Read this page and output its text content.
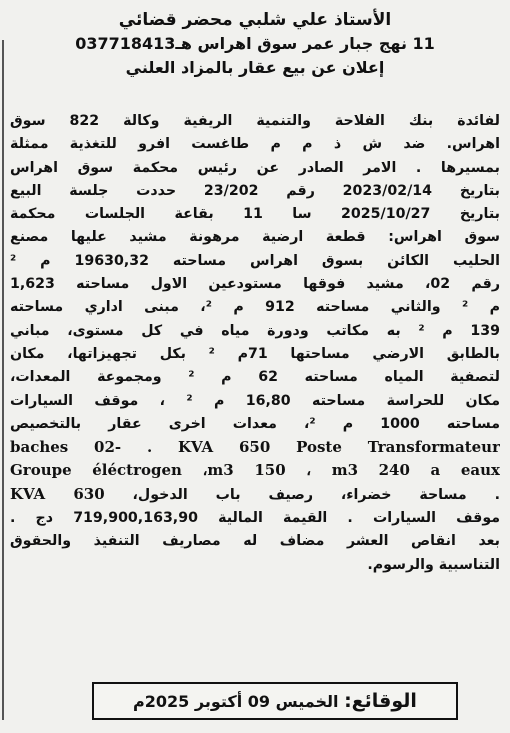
الأستاذ علي شلبي محضر قضائي
11 نهج جبار عمر سوق اهراس هـ037718413
إعلان عن بيع عقار بالمزاد العلني
لفائدة بنك الفلاحة والتنمية الريفية وكالة 822 سوق
اهراس. ضد ش ذ م م طاغست افرو للتغذية ممثلة
بمسيرها . الامر الصادر عن رئيس محكمة سوق اهراس
بتاريخ 2023/02/14 رقم 23/202 حددت جلسة البيع
بتاريخ 2025/10/27 سا 11 بقاعة الجلسات محكمة
سوق اهراس: قطعة ارضية مرهونة مشيد عليها مصنع
الحليب الكائن بسوق اهراس مساحته 19630,32 م ²
رقم 02، مشيد فوقها مستودعين الاول مساحته 1,623
م ² والثاني مساحته 912 م ²، مبنى اداري مساحته
139 م ² به مكاتب ودورة مياه في كل مستوى، مباني
بالطابق الارضي مساحتها 71م ² بكل تجهيزاتها، مكان
لتصفية المياه مساحته 62 م ² ومجموعة المعدات،
مكان للحراسة مساحته 16,80 م ² ، موقف السيارات
مساحته 1000 م ²، معدات اخرى عقار بالتخصيص
baches 02- . KVA 650 Poste Transformateur
Groupe éléctrogen ،m3 150 ، m3 240 a eaux
. مساحة خضراء، رصيف باب الدخول، KVA 630
موقف السيارات . القيمة المالية 719,900,163,90 دج .
بعد انقاص العشر مضاف له مصاريف التنفيذ والحقوق
التناسبية والرسوم.
الوقائع: الخميس 09 أكتوبر 2025م
